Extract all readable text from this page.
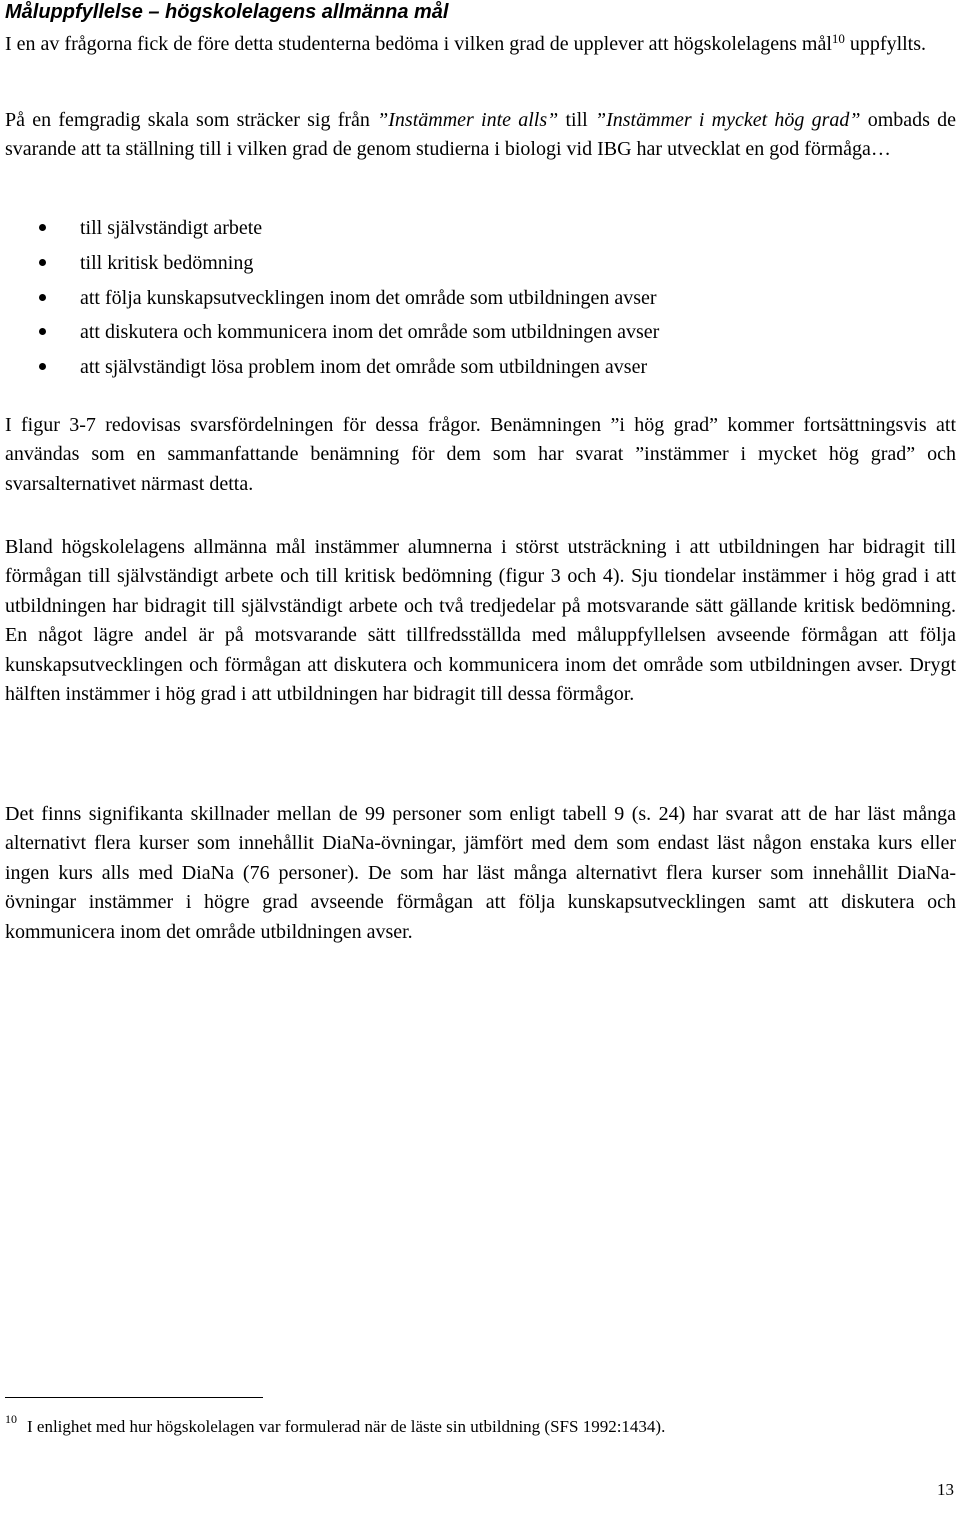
Måluppfyllelse – högskolelagens allmänna mål

I en av frågorna fick de före detta studenterna bedöma i vilken grad de upplever att högskolelagens mål$^{10}$ uppfyllts.

På en femgradig skala som sträcker sig från ”Instämmer inte alls” till ”Instämmer i mycket hög grad” ombads de svarande att ta ställning till i vilken grad de genom studierna i biologi vid IBG har utvecklat en god förmåga…

till självständigt arbete
till kritisk bedömning
att följa kunskapsutvecklingen inom det område som utbildningen avser
att diskutera och kommunicera inom det område som utbildningen avser
att självständigt lösa problem inom det område som utbildningen avser

I figur 3-7 redovisas svarsfördelningen för dessa frågor. Benämningen ”i hög grad” kommer fortsättningsvis att användas som en sammanfattande benämning för dem som har svarat ”instämmer i mycket hög grad” och svarsalternativet närmast detta.

Bland högskolelagens allmänna mål instämmer alumnerna i störst utsträckning i att utbildningen har bidragit till förmågan till självständigt arbete och till kritisk bedömning (figur 3 och 4). Sju tiondelar instämmer i hög grad i att utbildningen har bidragit till självständigt arbete och två tredjedelar på motsvarande sätt gällande kritisk bedömning. En något lägre andel är på motsvarande sätt tillfredsställda med måluppfyllelsen avseende förmågan att följa kunskapsutvecklingen och förmågan att diskutera och kommunicera inom det område som utbildningen avser. Drygt hälften instämmer i hög grad i att utbildningen har bidragit till dessa förmågor.

Det finns signifikanta skillnader mellan de 99 personer som enligt tabell 9 (s. 24) har svarat att de har läst många alternativt flera kurser som innehållit DiaNa-övningar, jämfört med dem som endast läst någon enstaka kurs eller ingen kurs alls med DiaNa (76 personer). De som har läst många alternativt flera kurser som innehållit DiaNa-övningar instämmer i högre grad avseende förmågan att följa kunskapsutvecklingen samt att diskutera och kommunicera inom det område utbildningen avser.

$^{10}$ I enlighet med hur högskolelagen var formulerad när de läste sin utbildning (SFS 1992:1434).

13
